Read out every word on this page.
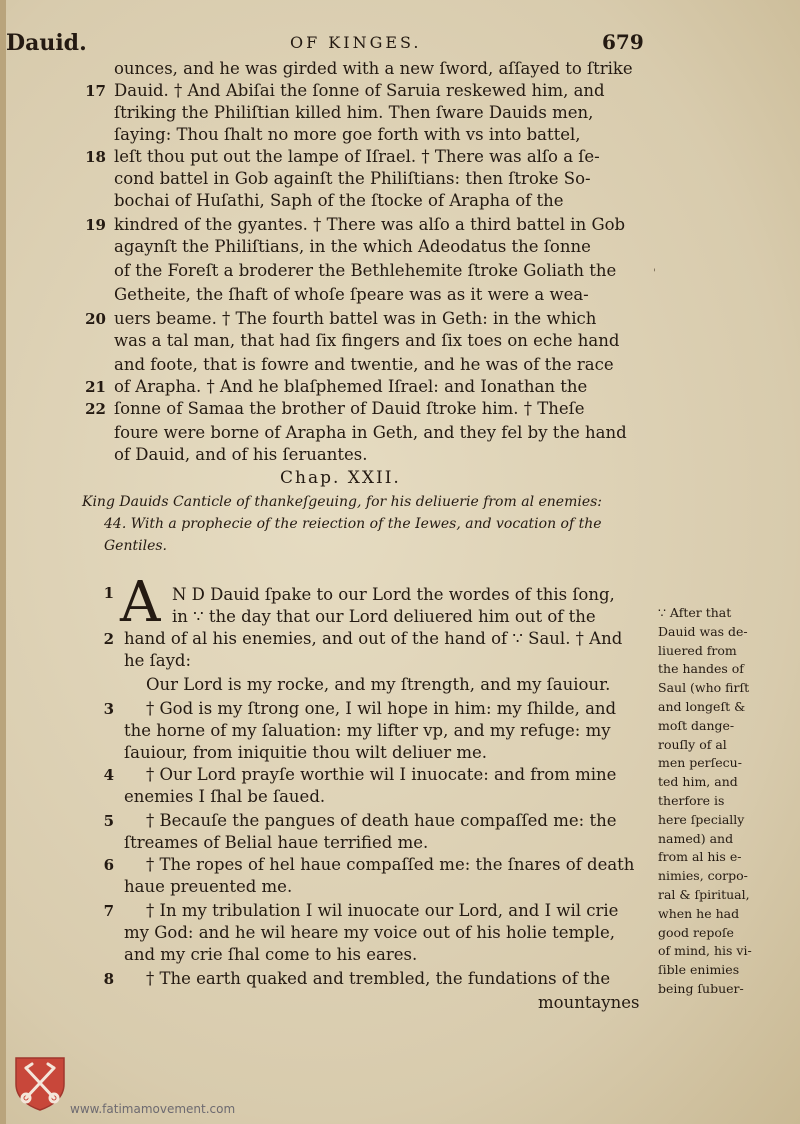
Dauid.	OF KINGES.	679
ounces, and he was girded with a new ſword, aſſayed to ſtrike
17 Dauid. † And Abiſai the ſonne of Saruia reskewed him, and
ſtriking the Philiſtian killed him. Then ſware Dauids men,
ſaying: Thou ſhalt no more goe forth with vs into battel,
18 leſt thou put out the lampe of Iſrael. † There was alſo a ſe-
cond battel in Gob againſt the Philiſtians: then ſtroke So-
bochai of Huſathi, Saph of the ſtocke of Arapha of the
19 kindred of the gyantes. † There was alſo a third battel in Gob
agaynſt the Philiſtians, in the which Adeodatus the ſonne
of the Foreſt a broderer the Bethlehemite ſtroke Goliath the
Getheite, the ſhaft of whoſe ſpeare was as it were a wea-
20 uers beame. † The fourth battel was in Geth: in the which
was a tal man, that had ſix fingers and ſix toes on eche hand
and foote, that is fowre and twentie, and he was of the race
21 of Arapha. † And he blaſphemed Iſrael: and Ionathan the
22 ſonne of Samaa the brother of Dauid ſtroke him. † Theſe
foure were borne of Arapha in Geth, and they fel by the hand
of Dauid, and of his ſeruantes.
Chap. XXII.
King Dauids Canticle of thankeſgeuing, for his deliuerie from al enemies:
44. With a prophecie of the reiection of the Iewes, and vocation of the
Gentiles.
1 A N D Dauid ſpake to our Lord the wordes of this ſong,
in ∵ the day that our Lord deliuered him out of the
2 hand of al his enemies, and out of the hand of ∵ Saul. † And
he ſayd:
Our Lord is my rocke, and my ſtrength, and my ſauiour.
3 † God is my ſtrong one, I wil hope in him: my ſhilde, and
the horne of my ſaluation: my lifter vp, and my refuge: my
ſauiour, from iniquitie thou wilt deliuer me.
4 † Our Lord prayſe worthie wil I inuocate: and from mine
enemies I ſhal be ſaued.
5 † Becauſe the pangues of death haue compaſſed me: the
ſtreames of Belial haue terrified me.
6 † The ropes of hel haue compaſſed me: the ſnares of death
haue preuented me.
7 † In my tribulation I wil inuocate our Lord, and I wil crie
my God: and he wil heare my voice out of his holie temple,
and my crie ſhal come to his eares.
8 † The earth quaked and trembled, the fundations of the
mountaynes
∵ After that
Dauid was de-
liuered from
the handes of
Saul (who firſt
and longeſt &
moſt dange-
rouſly of al
men perſecu-
ted him, and
therfore is
here ſpecially
named) and
from al his e-
nimies, corpo-
ral & ſpiritual,
when he had
good repoſe
of mind, his vi-
ſible enimies
being ſubuer-
'
www.fatimamovement.com
